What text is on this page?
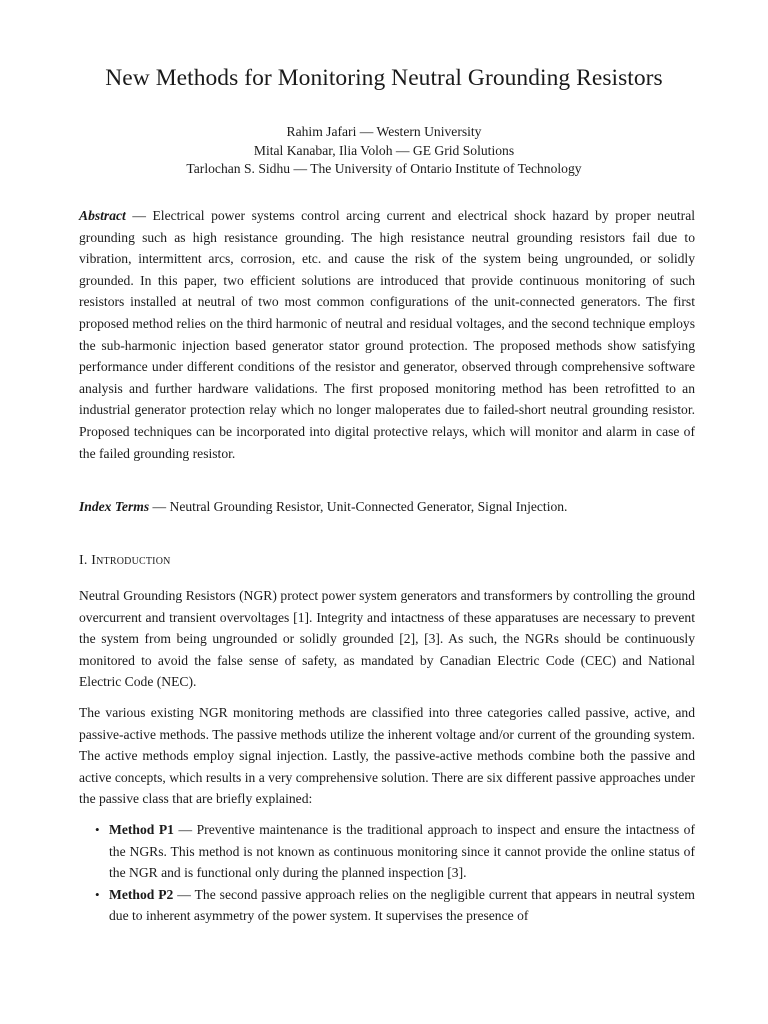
New Methods for Monitoring Neutral Grounding Resistors
Rahim Jafari — Western University
Mital Kanabar, Ilia Voloh — GE Grid Solutions
Tarlochan S. Sidhu — The University of Ontario Institute of Technology

Abstract — Electrical power systems control arcing current and electrical shock hazard by proper neutral grounding such as high resistance grounding. The high resistance neutral grounding resistors fail due to vibration, intermittent arcs, corrosion, etc. and cause the risk of the system being ungrounded, or solidly grounded. In this paper, two efficient solutions are introduced that provide continuous monitoring of such resistors installed at neutral of two most common configurations of the unit-connected generators. The first proposed method relies on the third harmonic of neutral and residual voltages, and the second technique employs the sub-harmonic injection based generator stator ground protection. The proposed methods show satisfying performance under different conditions of the resistor and generator, observed through comprehensive software analysis and further hardware validations. The first proposed monitoring method has been retrofitted to an industrial generator protection relay which no longer maloperates due to failed-short neutral grounding resistor. Proposed techniques can be incorporated into digital protective relays, which will monitor and alarm in case of the failed grounding resistor.

Index Terms — Neutral Grounding Resistor, Unit-Connected Generator, Signal Injection.

I. Introduction

Neutral Grounding Resistors (NGR) protect power system generators and transformers by controlling the ground overcurrent and transient overvoltages [1]. Integrity and intactness of these apparatuses are necessary to prevent the system from being ungrounded or solidly grounded [2], [3]. As such, the NGRs should be continuously monitored to avoid the false sense of safety, as mandated by Canadian Electric Code (CEC) and National Electric Code (NEC).

The various existing NGR monitoring methods are classified into three categories called passive, active, and passive-active methods. The passive methods utilize the inherent voltage and/or current of the grounding system. The active methods employ signal injection. Lastly, the passive-active methods combine both the passive and active concepts, which results in a very comprehensive solution. There are six different passive approaches under the passive class that are briefly explained:

• Method P1 — Preventive maintenance is the traditional approach to inspect and ensure the intactness of the NGRs. This method is not known as continuous monitoring since it cannot provide the online status of the NGR and is functional only during the planned inspection [3].
• Method P2 — The second passive approach relies on the negligible current that appears in neutral system due to inherent asymmetry of the power system. It supervises the presence of
